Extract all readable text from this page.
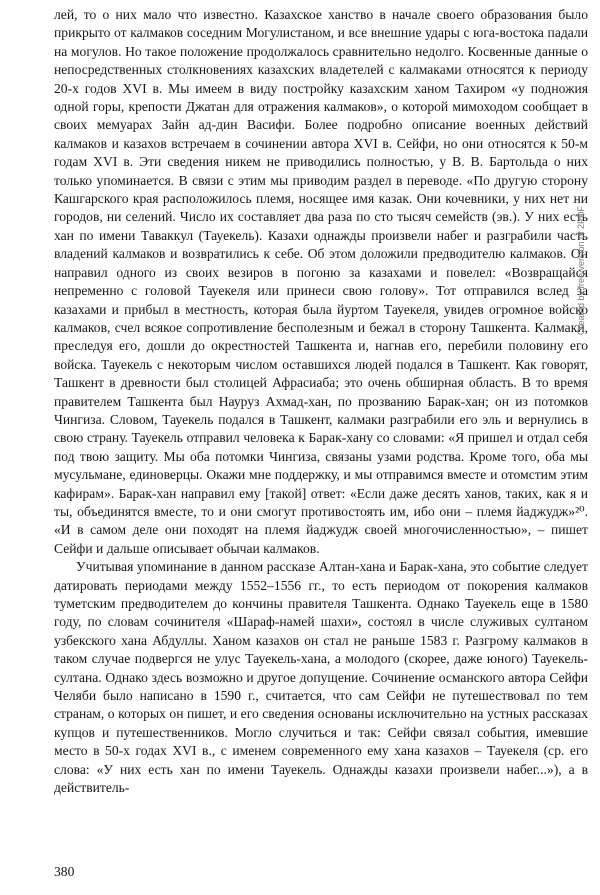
лей, то о них мало что известно. Казахское ханство в начале своего образования было прикрыто от калмаков соседним Могулистаном, и все внешние удары с юга-востока падали на могулов. Но такое положение продолжалось сравнительно недолго. Косвенные данные о непосредственных столкновениях казахских владетелей с калмаками относятся к периоду 20-х годов XVI в. Мы имеем в виду постройку казахским ханом Тахиром «у подножия одной горы, крепости Джатан для отражения калмаков», о которой мимоходом сообщает в своих мемуарах Зайн ад-дин Васифи. Более подробно описание военных действий калмаков и казахов встречаем в сочинении автора XVI в. Сейфи, но они относятся к 50-м годам XVI в. Эти сведения никем не приводились полностью, у В. В. Бартольда о них только упоминается. В связи с этим мы приводим раздел в переводе. «По другую сторону Кашгарского края расположилось племя, носящее имя казак. Они кочевники, у них нет ни городов, ни селений. Число их составляет два раза по сто тысяч семейств (эв.). У них есть хан по имени Таваккул (Тауекель). Казахи однажды произвели набег и разграбили часть владений калмаков и возвратились к себе. Об этом доложили предводителю калмаков. Он направил одного из своих везиров в погоню за казахами и повелел: «Возвращайся непременно с головой Тауекеля или принеси свою голову». Тот отправился вслед за казахами и прибыл в местность, которая была йуртом Тауекеля, увидев огромное войско калмаков, счел всякое сопротивление бесполезным и бежал в сторону Ташкента. Калмаки, преследуя его, дошли до окрестностей Ташкента и, нагнав его, перебили половину его войска. Тауекель с некоторым числом оставшихся людей подался в Ташкент. Как говорят, Ташкент в древности был столицей Афрасиаба; это очень обширная область. В то время правителем Ташкента был Науруз Ахмад-хан, по прозванию Барак-хан; он из потомков Чингиза. Словом, Тауекель подался в Ташкент, калмаки разграбили его эль и вернулись в свою страну. Тауекель отправил человека к Барак-хану со словами: «Я пришел и отдал себя под твою защиту. Мы оба потомки Чингиза, связаны узами родства. Кроме того, оба мы мусульмане, единоверцы. Окажи мне поддержку, и мы отправимся вместе и отомстим этим кафирам». Барак-хан направил ему [такой] ответ: «Если даже десять ханов, таких, как я и ты, объединятся вместе, то и они смогут противостоять им, ибо они – племя йаджудж»²⁰. «И в самом деле они походят на племя йаджудж своей многочисленностью», – пишет Сейфи и дальше описывает обычаи калмаков.

Учитывая упоминание в данном рассказе Алтан-хана и Барак-хана, это событие следует датировать периодами между 1552–1556 гг., то есть периодом от покорения калмаков туметским предводителем до кончины правителя Ташкента. Однако Тауекель еще в 1580 году, по словам сочинителя «Шараф-намей шахи», состоял в числе служивых султаном узбекского хана Абдуллы. Ханом казахов он стал не раньше 1583 г. Разгрому калмаков в таком случае подвергся не улус Тауекель-хана, а молодого (скорее, даже юного) Тауекель-султана. Однако здесь возможно и другое допущение. Сочинение османского автора Сейфи Челяби было написано в 1590 г., считается, что сам Сейфи не путешествовал по тем странам, о которых он пишет, и его сведения основаны исключительно на устных рассказах купцов и путешественников. Могло случиться и так: Сейфи связал события, имевшие место в 50-х годах XVI в., с именем современного ему хана казахов – Тауекеля (ср. его слова: «У них есть хан по имени Тауекель. Однажды казахи произвели набег...»), а в действитель-

380
Created by free version of 2PDF
